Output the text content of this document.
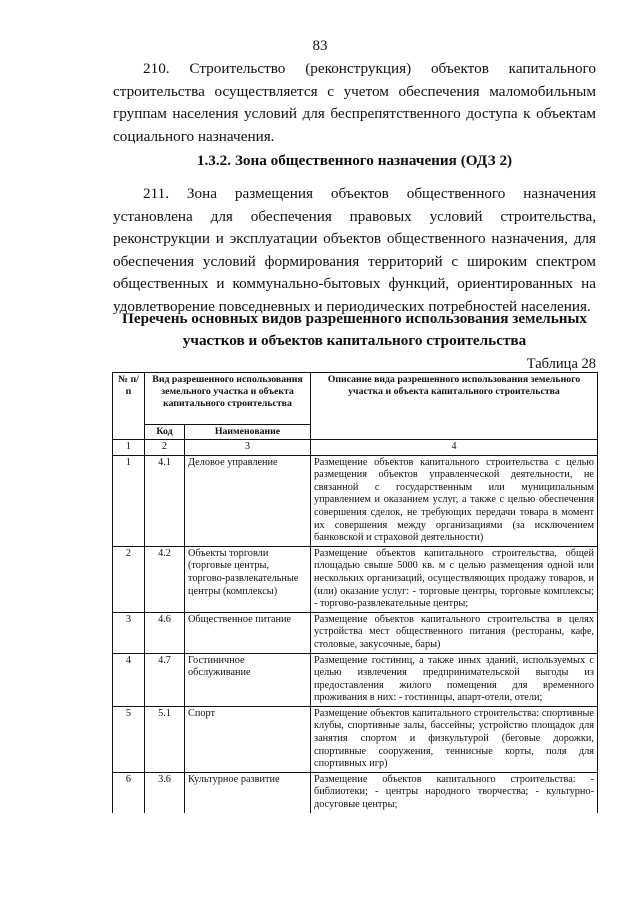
83
210. Строительство (реконструкция) объектов капитального
строительства осуществляется с учетом обеспечения маломобильным
группам населения условий для беспрепятственного доступа к объектам
социального назначения.
1.3.2. Зона общественного назначения (ОДЗ 2)
211. Зона размещения объектов общественного назначения
установлена для обеспечения правовых условий строительства,
реконструкции и эксплуатации объектов общественного назначения, для
обеспечения условий формирования территорий с широким спектром
общественных и коммунально-бытовых функций, ориентированных на
удовлетворение повседневных и периодических потребностей населения.
Перечень основных видов разрешенного использования земельных
участков и объектов капитального строительства
Таблица 28
№ п/п	Вид разрешенного использования земельного участка и объекта капитального строительства		Описание вида разрешенного использования земельного участка и объекта капитального строительства
	Код	Наименование	
1	2	3	4
1	4.1	Деловое управление	Размещение объектов капитального строительства с целью размещения объектов управленческой деятельности, не связанной с государственным или муниципальным управлением и оказанием услуг, а также с целью обеспечения совершения сделок, не требующих передачи товара в момент их совершения между организациями (за исключением банковской и страховой деятельности)
2	4.2	Объекты торговли (торговые центры, торгово-развлекательные центры (комплексы)	Размещение объектов капитального строительства, общей площадью свыше 5000 кв. м с целью размещения одной или нескольких организаций, осуществляющих продажу товаров, и (или) оказание услуг: - торговые центры, торговые комплексы; - торгово-развлекательные центры;
3	4.6	Общественное питание	Размещение объектов капитального строительства в целях устройства мест общественного питания (рестораны, кафе, столовые, закусочные, бары)
4	4.7	Гостиничное обслуживание	Размещение гостиниц, а также иных зданий, используемых с целью извлечения предпринимательской выгоды из предоставления жилого помещения для временного проживания в них: - гостиницы, апарт-отели, отели;
5	5.1	Спорт	Размещение объектов капитального строительства: спортивные клубы, спортивные залы, бассейны; устройство площадок для занятия спортом и физкультурой (беговые дорожки, спортивные сооружения, теннисные корты, поля для спортивных игр)
6	3.6	Культурное развитие	Размещение объектов капитального строительства: - библиотеки; - центры народного творчества; - культурно-досуговые центры;
